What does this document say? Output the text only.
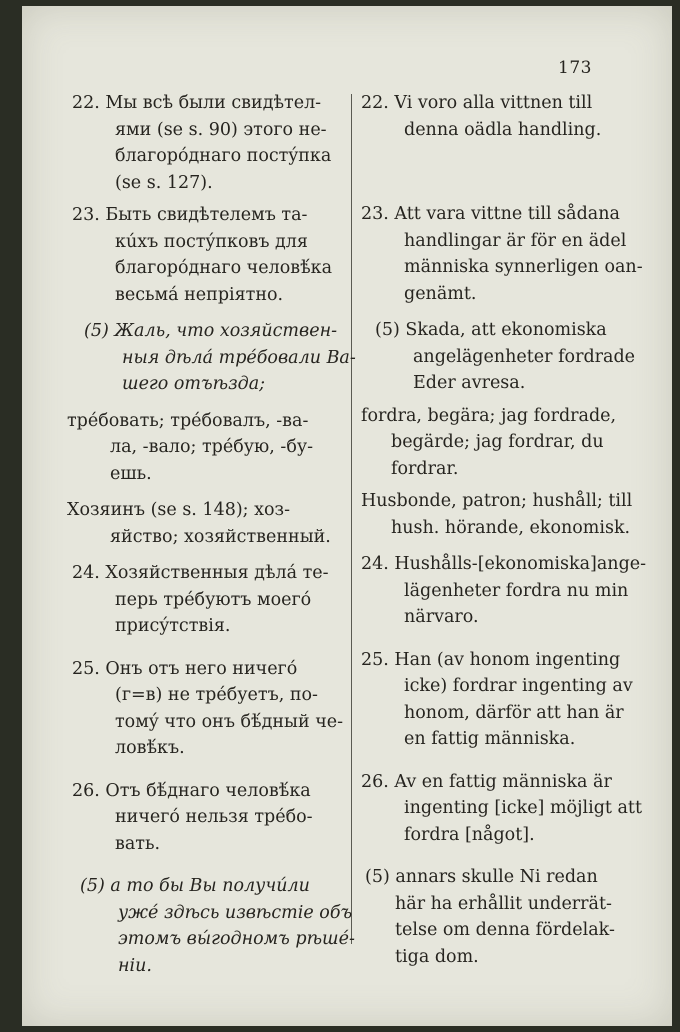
173
22. Мы всѣ были свидѣтел-
ями (se s. 90) этого не-
благорóднаго постýпка
(se s. 127).
23. Быть свидѣтелемъ та-
кúхъ постýпковъ для
благорóднаго человѣ́ка
весьмá непріятно.
(5) Жаль, что хозяйствен-
ныя дѣлá трéбовали Ва-
шего отъѣзда;
трéбовать; трéбовалъ, -ва-
ла, -вало; трéбую, -бу-
ешь.
Хозяинъ (se s. 148); хоз-
яйство; хозяйственный.
24. Хозяйственныя дѣлá те-
перь трéбуютъ моегó
присýтствія.
25. Онъ отъ него ничегó
(г=в) не трéбуетъ, по-
томý что онъ бѣ́дный че-
ловѣ́къ.
26. Отъ бѣ́днаго человѣ́ка
ничегó нельзя трéбо-
вать.
(5) а то бы Вы получúли
ужé здѣсь извѣстіе объ
этомъ вы́годномъ рѣшé-
ніи.
22. Vi voro alla vittnen till
denna oädla handling.
23. Att vara vittne till sådana
handlingar är för en ädel
människa synnerligen oan-
genämt.
(5) Skada, att ekonomiska
angelägenheter fordrade
Eder avresa.
fordra, begära; jag fordrade,
begärde; jag fordrar, du
fordrar.
Husbonde, patron; hushåll; till
hush. hörande, ekonomisk.
24. Hushålls-[ekonomiska]ange-
lägenheter fordra nu min
närvaro.
25. Han (av honom ingenting
icke) fordrar ingenting av
honom, därför att han är
en fattig människa.
26. Av en fattig människa är
ingenting [icke] möjligt att
fordra [något].
(5) annars skulle Ni redan
här ha erhållit underrät-
telse om denna fördelak-
tiga dom.
